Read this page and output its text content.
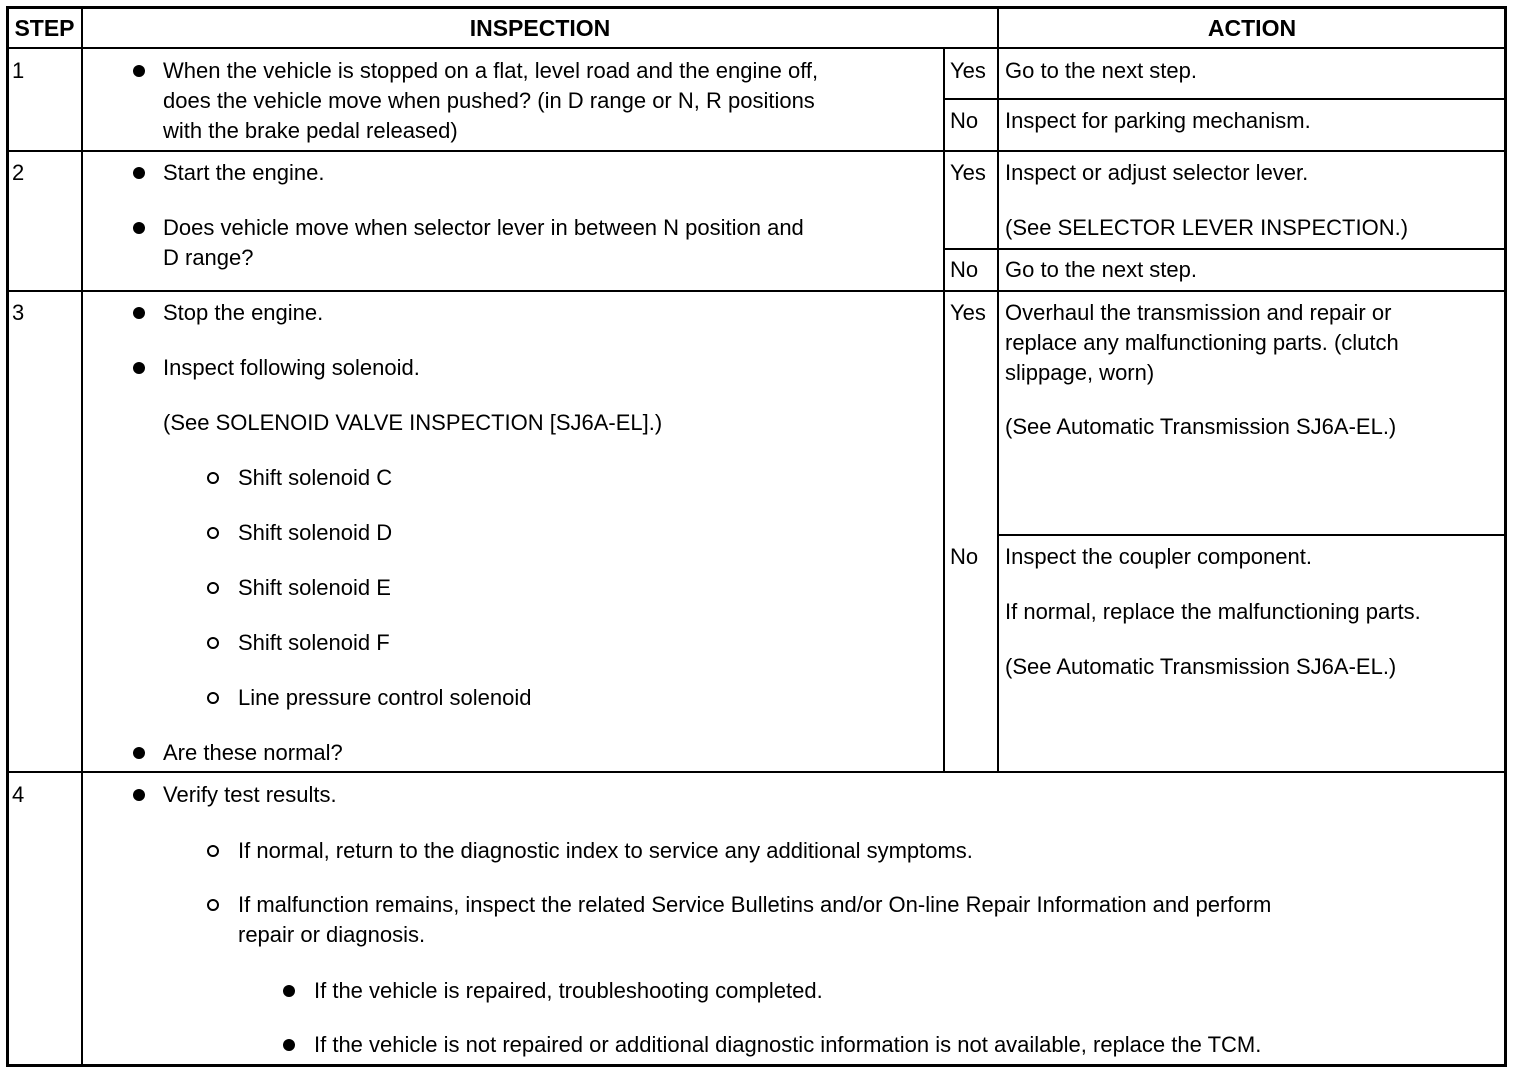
STEP	INSPECTION	ACTION
1	When the vehicle is stopped on a flat, level road and the engine off,
does the vehicle move when pushed? (in D range or N, R positions
with the brake pedal released)
Yes Go to the next step.
No Inspect for parking mechanism.
2	Start the engine.
Does vehicle move when selector lever in between N position and
D range?
Yes Inspect or adjust selector lever.
(See SELECTOR LEVER INSPECTION.)
No Go to the next step.
3	Stop the engine.
Inspect following solenoid.
(See SOLENOID VALVE INSPECTION [SJ6A-EL].)
Shift solenoid C
Shift solenoid D
Shift solenoid E
Shift solenoid F
Line pressure control solenoid
Are these normal?
Yes Overhaul the transmission and repair or
replace any malfunctioning parts. (clutch
slippage, worn)
(See Automatic Transmission SJ6A-EL.)
No Inspect the coupler component.
If normal, replace the malfunctioning parts.
(See Automatic Transmission SJ6A-EL.)
4	Verify test results.
If normal, return to the diagnostic index to service any additional symptoms.
If malfunction remains, inspect the related Service Bulletins and/or On-line Repair Information and perform
repair or diagnosis.
If the vehicle is repaired, troubleshooting completed.
If the vehicle is not repaired or additional diagnostic information is not available, replace the TCM.
